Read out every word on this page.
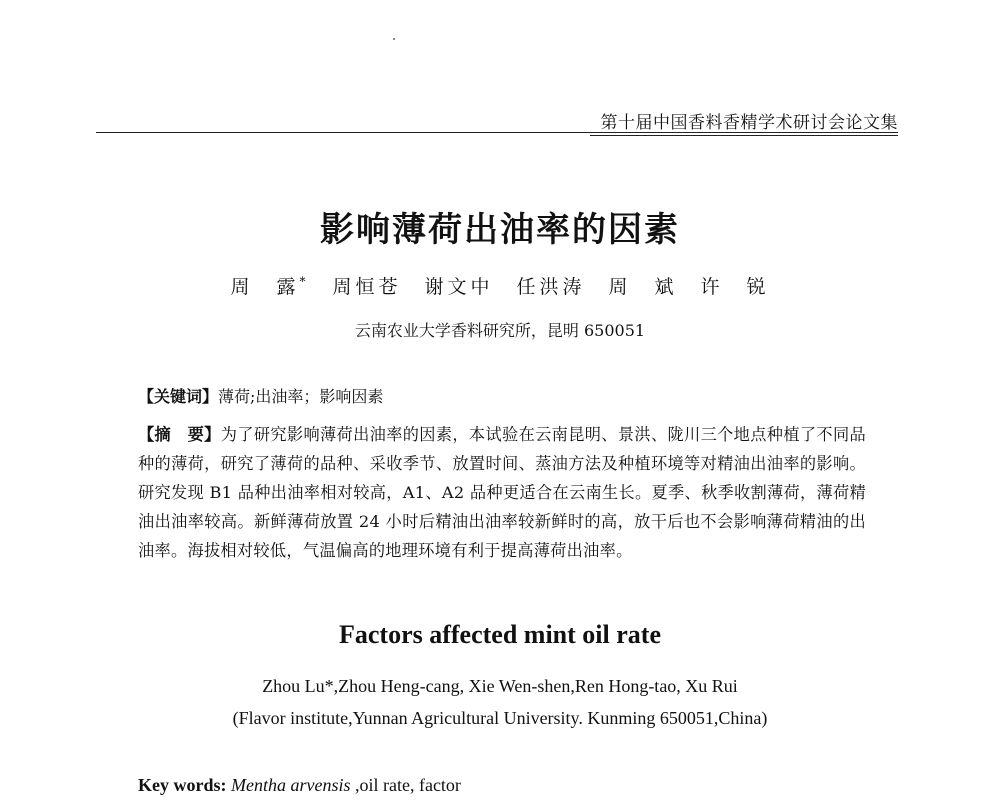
第十届中国香料香精学术研讨会论文集
影响薄荷出油率的因素
周　露*　 周恒苍　谢文中　任洪涛　周　斌　许　锐
云南农业大学香料研究所，昆明 650051
【关键词】薄荷;出油率；影响因素
【摘　要】为了研究影响薄荷出油率的因素，本试验在云南昆明、景洪、陇川三个地点种植了不同品种的薄荷，研究了薄荷的品种、采收季节、放置时间、蒸油方法及种植环境等对精油出油率的影响。研究发现 B1 品种出油率相对较高，A1、A2 品种更适合在云南生长。夏季、秋季收割薄荷，薄荷精油出油率较高。新鲜薄荷放置 24 小时后精油出油率较新鲜时的高，放干后也不会影响薄荷精油的出油率。海拔相对较低，气温偏高的地理环境有利于提高薄荷出油率。
Factors affected mint oil rate
Zhou Lu*,Zhou Heng-cang, Xie Wen-shen,Ren Hong-tao, Xu Rui
(Flavor institute,Yunnan Agricultural University. Kunming 650051,China)
Key words: Mentha arvensis ,oil rate, factor
